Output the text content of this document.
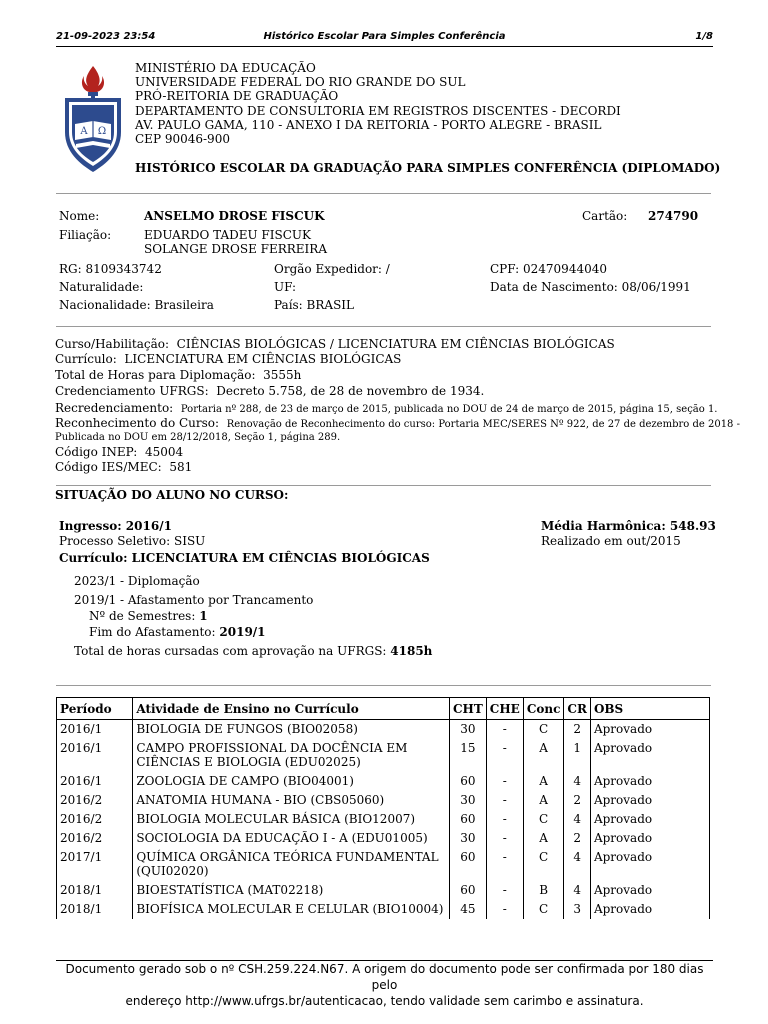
21-09-2023 23:54	Histórico Escolar Para Simples Conferência	1/8
A Ω
MINISTÉRIO DA EDUCAÇÃO
UNIVERSIDADE FEDERAL DO RIO GRANDE DO SUL
PRÓ-REITORIA DE GRADUAÇÃO
DEPARTAMENTO DE CONSULTORIA EM REGISTROS DISCENTES - DECORDI
AV. PAULO GAMA, 110 - ANEXO I DA REITORIA - PORTO ALEGRE - BRASIL
CEP 90046-900
HISTÓRICO ESCOLAR DA GRADUAÇÃO PARA SIMPLES CONFERÊNCIA (DIPLOMADO)
Nome:	ANSELMO DROSE FISCUK	Cartão: 274790
Filiação:	EDUARDO TADEU FISCUK
SOLANGE DROSE FERREIRA
RG: 8109343742	Orgão Expedidor: /	CPF: 02470944040
Naturalidade:	UF:	Data de Nascimento: 08/06/1991
Nacionalidade: Brasileira	País: BRASIL
Curso/Habilitação: CIÊNCIAS BIOLÓGICAS / LICENCIATURA EM CIÊNCIAS BIOLÓGICAS
Currículo: LICENCIATURA EM CIÊNCIAS BIOLÓGICAS
Total de Horas para Diplomação: 3555h
Credenciamento UFRGS: Decreto 5.758, de 28 de novembro de 1934.
Recredenciamento: Portaria nº 288, de 23 de março de 2015, publicada no DOU de 24 de março de 2015, página 15, seção 1.
Reconhecimento do Curso: Renovação de Reconhecimento do curso: Portaria MEC/SERES Nº 922, de 27 de dezembro de 2018 -
Publicada no DOU em 28/12/2018, Seção 1, página 289.
Código INEP: 45004
Código IES/MEC: 581
SITUAÇÃO DO ALUNO NO CURSO:
Ingresso: 2016/1
Processo Seletivo: SISU
Média Harmônica: 548.93
Realizado em out/2015
Currículo: LICENCIATURA EM CIÊNCIAS BIOLÓGICAS
2023/1 - Diplomação
2019/1 - Afastamento por Trancamento
Nº de Semestres: 1
Fim do Afastamento: 2019/1
Total de horas cursadas com aprovação na UFRGS: 4185h
Período	Atividade de Ensino no Currículo	CHT	CHE	Conc	CR	OBS
2016/1	BIOLOGIA DE FUNGOS (BIO02058)	30	-	C	2	Aprovado
2016/1	CAMPO PROFISSIONAL DA DOCÊNCIA EM
CIÊNCIAS E BIOLOGIA (EDU02025)	15	-	A	1	Aprovado
2016/1	ZOOLOGIA DE CAMPO (BIO04001)	60	-	A	4	Aprovado
2016/2	ANATOMIA HUMANA - BIO (CBS05060)	30	-	A	2	Aprovado
2016/2	BIOLOGIA MOLECULAR BÁSICA (BIO12007)	60	-	C	4	Aprovado
2016/2	SOCIOLOGIA DA EDUCAÇÃO I - A (EDU01005)	30	-	A	2	Aprovado
2017/1	QUÍMICA ORGÂNICA TEÓRICA FUNDAMENTAL
(QUI02020)	60	-	C	4	Aprovado
2018/1	BIOESTATÍSTICA (MAT02218)	60	-	B	4	Aprovado
2018/1	BIOFÍSICA MOLECULAR E CELULAR (BIO10004)	45	-	C	3	Aprovado
Documento gerado sob o nº CSH.259.224.N67. A origem do documento pode ser confirmada por 180 dias pelo
endereço http://www.ufrgs.br/autenticacao, tendo validade sem carimbo e assinatura.
